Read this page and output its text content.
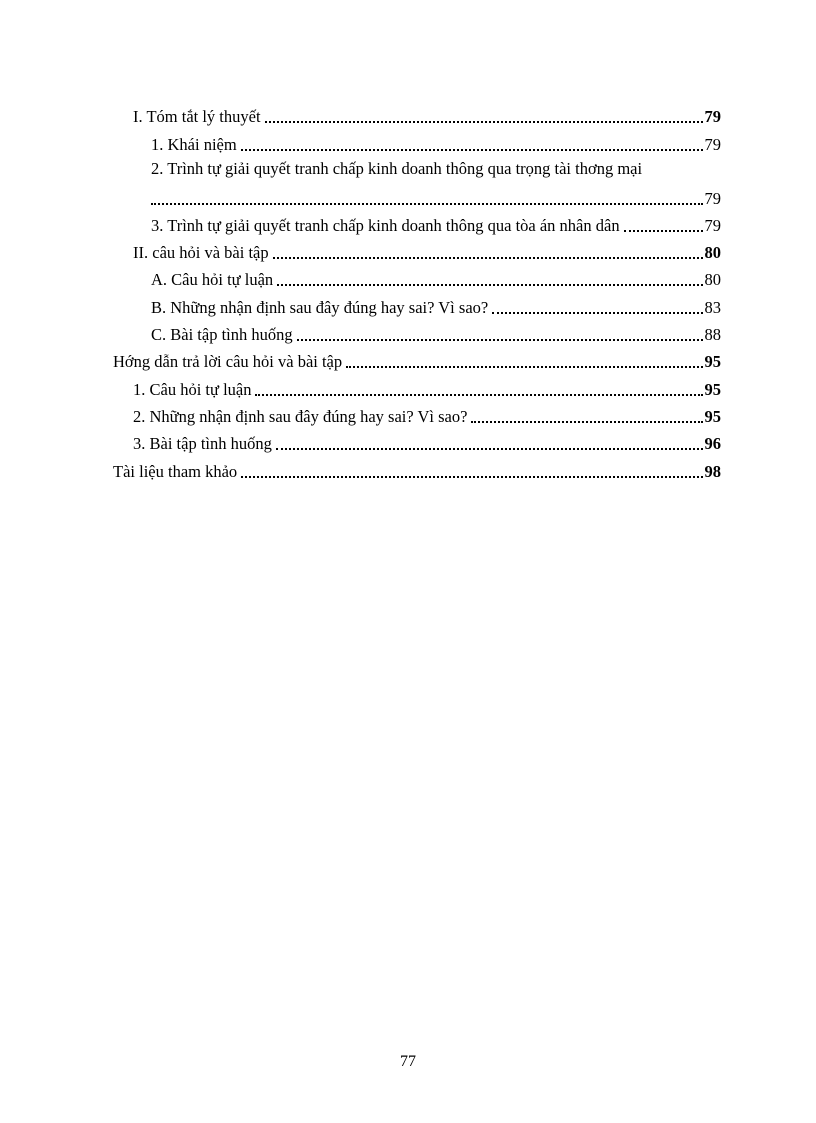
I. Tóm tắt lý thuyết	79
1. Khái niệm	79
2. Trình tự giải quyết tranh chấp kinh doanh thông qua trọng tài thơng mại
79
3. Trình tự giải quyết tranh chấp kinh doanh thông qua tòa án nhân dân	79
II. câu hỏi và bài tập	80
A. Câu hỏi tự luận	80
B. Những nhận định sau đây đúng hay sai? Vì sao?	83
C. Bài tập tình huống	88
Hớng dẫn trả lời câu hỏi và bài tập	95
1. Câu hỏi tự luận	95
2. Những nhận định sau đây đúng hay sai? Vì sao?	95
3. Bài tập tình huống	96
Tài liệu tham khảo	98
77
